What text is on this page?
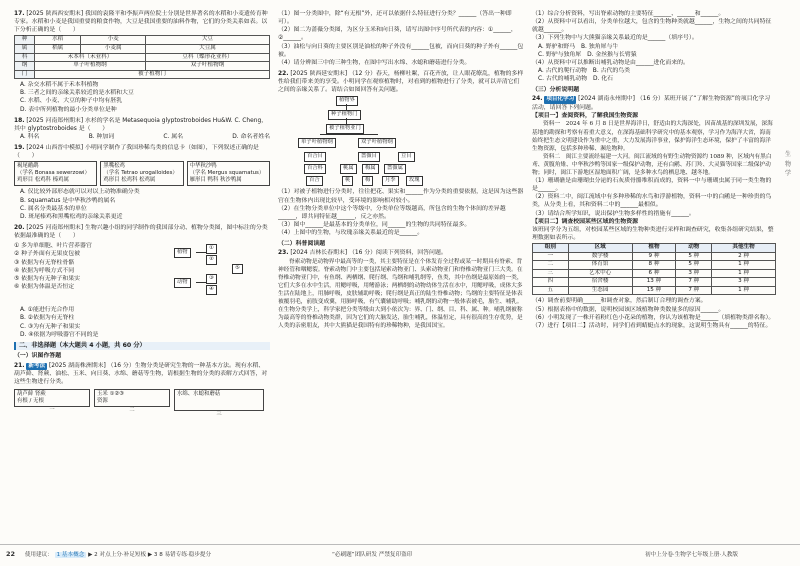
17. [2025 陕西西安期末] 我国的袁隆平和李振声两位院士分别是世界著名的水稻和小麦遗传育种专家。水稻和小麦是我国重要的粮食作物，大豆是我国重要的油料作物，它们的分类关系如表。以下分析正确的是（　　）
种	水稻	小麦	大豆
属	稻属	小麦属	大豆属
科	禾本科（禾亚科）		豆科（蝶形花亚科）
纲	单子叶植物纲		双子叶植物纲
门	被子植物门		
A. 杂交水稻不属于禾本科植物
B. 三者之间的亲缘关系较近的是水稻和大豆
C. 水稻、小麦、大豆的种子中均有胚乳
D. 表中所列植物的最小分类单位是种
18. [2025 河南郑州期末] 水杉的学名是 Metasequoia glyptostroboides Hu&W. C. Cheng，其中 glyptostroboides 是（　　）
A. 科名	B. 种加词	C. 属名	D. 命名者姓名
19. [2024 山西晋中模拟] 小明同学制作了我国珍稀鸟类的信息卡（如图），下列叙述正确的是（　　）
褐尾鸸鹋
（学名 Bonasa sewerzowi）
鸡形目 松鸡科 榛鸡属
黑嘴松鸡
（学名 Tetrao urogalloides）
鸡形目 松鸡科 松鸡属
中华秋沙鸭
（学名 Mergus squamatus）
雁形目 鸭科 秋沙鸭属
A. 仅比较外部形态就可以对以上动物准确分类
B. squamatus 是中华秋沙鸭的属名
C. 属名分类最基本的单位
D. 斑尾榛鸡和黑嘴松鸡的亲缘关系更近
20. [2025 河南郑州期末] 生物兴趣小组的同学制作的我国部分动、植物分类图，图中标注的分类依据最准确的是（　　）
① 多为单细胞、叶片营养器官
② 种子外面有无果皮包被
③ 依据为有无脊柱骨骼
④ 依据为呼吸方式不同
⑤ 依据为有无种子和果实
⑥ 依据为体温是否恒定
植物
动物
①
②
③
④
⑤
A. ①能进行光合作用
B. ②依据为有无脊柱
C. ③为有无种子和果实
D. ④依据为呼吸器官不同的是
二、非选择题（本大题共 4 小题，共 60 分）
（一）识图作答题
21. 新考法 [2025 湖南株洲期末] （16 分）生物分类是研究生物的一种基本方法。现有水稻、葫芦藓、肾蕨、油松、玉米、向日葵、水绵、蘑菇等生物，请根据生物的分类的表解方式回答，对这些生物进行分类。
葫芦藓 肾蕨
有根 / 无根
一
玉米 ①②③
资源
二
水绵、水螅和蘑菇
三
（1）图一分类图中，除“有无根”外，还可以依据什么特征进行分类？______（答出一种即可）。
（2）图二为蔷薇分类图，为区分玉米和向日葵，请写出图中序号所代表的内容：①______，②______。
（3）油松与向日葵的主要区别是油松的种子外没有______包被，而向日葵的种子外有______包被。
（4）请分辨图三中的三种生物，在图中写出水绵、水螅和蘑菇进行分类。
22. [2025 陕西延安期末] （12 分）春天，杨柳吐絮，百花齐放，让人眼花缭乱，植物的多样性给我们带来美的享受。小明同学在观察植物时，对看到的植物进行了分类，就可以弄清它们之间的亲缘关系了。请结合如图回答有关问题。
植物界
种子植物门
被子植物亚门
单子叶植物纲	双子叶植物纲
百合目	蔷薇目	豆目
百合科	桃属	梅属	蔷薇属
百合	桃	梅	月季	玫瑰
（1）对被子植物进行分类时，往往把花、果实和______作为分类的重要依据，这是因为这些器官在生物体内出现比较早，受环境的影响相对较小。
（2）在生物分类单位中这个等级中，分类单位等级越高，所包含的生物个体间的差异越______，即共同特征越______，反之亦然。
（3）图中______是最基本的分类单位，同______的生物的共同特征最多。
（4）上图中的生物，与玫瑰亲缘关系最近的是______。
（二）科普阅读题
23. [2024 吉林长春期末] （16 分）阅读下列资料，回答问题。

脊索动物是动物界中最高等的一类，其主要特征是在个体发育全过程或某一时期具有脊索、背神经管和咽鳃裂。脊索动物门中主要包括尾索动物亚门、头索动物亚门和脊椎动物亚门三大类。在脊椎动物亚门中，有鱼纲、两栖纲、爬行纲、鸟纲和哺乳纲等，鱼类，其中鱼纲是最原始的一类，它们大多在水中生活，用鳃呼吸，用鳍游泳；两栖纲的动物幼体生活在水中，用鳃呼吸，成体大多生活在陆地上，用肺呼吸，皮肤辅助呼吸；爬行纲是真正的陆生脊椎动物；鸟纲的主要特征是体表被覆羽毛，前肢变成翼，用肺呼吸，有气囊辅助呼吸；哺乳纲的动物一般体表被毛，胎生、哺乳。在生物分类学上，科学家把分类等级由大到小依次为：界、门、纲、目、科、属、种。哺乳纲被称为最高等的脊椎动物类群，因为它们的大脑发达，胎生哺乳，体温恒定，具有很高的生存优势，是人类的亲密朋友，其中大熊猫是我国特有的珍稀物种，是我国国宝。

（1）综合分析资料，写出脊索动物的主要特征______、______和______。
（2）从资料中可以看出，分类单位越大，包含的生物种类就越______，生物之间的共同特征就越______。
（3）下列生物中与大熊猫亲缘关系最近的是______（填序号）。
A. 野驴和野马　B. 独角犀与牛
C. 野驴与独角犀　D. 金丝猴与长臂猿
（4）从资料中可以推断出哺乳动物是由______进化而来的。
A. 古代的爬行动物　B. 古代的鸟类
C. 古代的哺乳动物　D. 化石
（三）分析说明题
24. 项目化学习 [2024 湖南永州期中] （16 分）某班开展了“了解生物资源”的项目化学习活动，请回答下列问题。
【项目一】查阅资料，了解我国生物资源

资料一　2024 年 6 月 8 日是世界海洋日，舒适由的大海深处，因苗战基的深圳发展，深海基地的勘探和考察有着重大意义，在深海基础科学研究中的基本观察，学习作为海洋大省，海南始终把生态文明建设作为重中之重，大力发展海洋事业，保护海洋生态环境，保护了丰富的海洋生物资源，包括多种珍稀、濒危物种。

资料二　闽江主要流经福建一大河。闽江流域的有野生动物资源约 1089 种，区域内有黑白鸢、黄腹角雉、中华秋沙鸭等国家一级保护动物，还有白鹇、苏门羚、大灵猫等国家二级保护动物；同时，闽江下游地区湿地面积广阔，是多种水鸟的栖息地、越冬地。

（1）珊瑚礁是由珊瑚虫分泌的石灰质骨骼堆积而成的，资料一中与珊瑚虫属于同一类生物的是______。
（2）资料二中，闽江流域中有多种珍稀的水鸟和浮游植物，资料一中的白鹇是一种珍贵的鸟类，从分类上看，其和资料二中的______最相似。
（3）请结合所学知识，说出保护生物多样性的措施有______。
【项目二】调查校园某些区域的生物资源
该班同学分为五组，对校园某些区域的生物种类进行采样和调查研究，收集各组研究结果，整理数据如表所示。
组别	区域	植物	动物	其他生物
一	数学楼	9 种	5 种	2 种
二	体育馆	8 种	5 种	1 种
三	艺术中心	6 种	3 种	1 种
四	宿舍楼	13 种	7 种	3 种
五	生态园	15 种	7 种	1 种
（4）调查前要明确______和调查对象，然后制订合理的调查方案。
（5）根据表格中的数据，说明校园该区域植物种类数量多的原因______。
（6）小明发现了一株开着粉红色小花朵的植物，你认为该植物是______（填植物类群名称）。
（7）进行【项目二】活动时，同学们看到蜻蜓点水的现象，这说明生物具有______的特征。
生
物
学
22 使用建议： 1 基本概念 ▶ 2 对点上分·补足短板 ▶ 3 8 易错专练·稳步提分	“必刷题”团队研发 严禁复印盗印	初中上分卷·生物学七年级上册·人教版
